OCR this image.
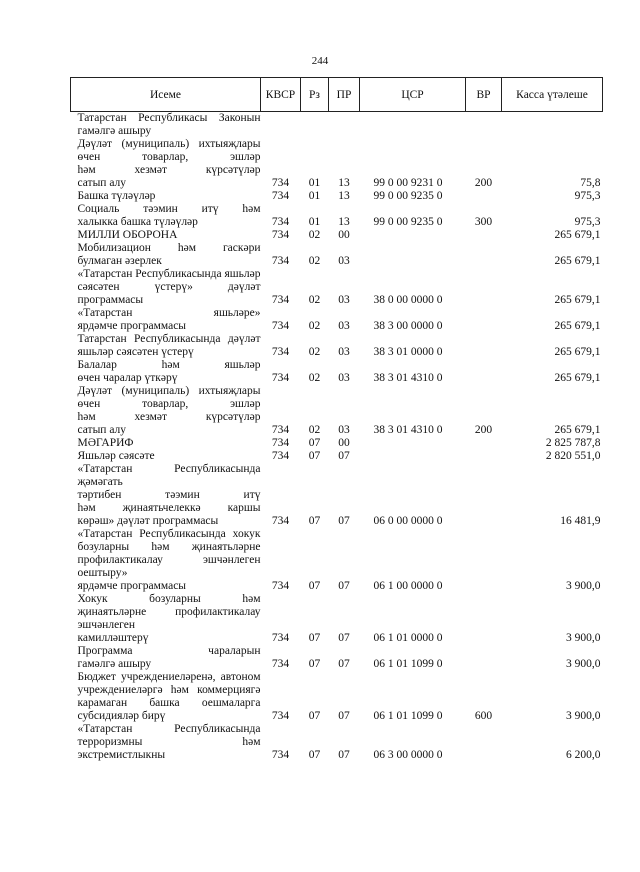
244
Исеме	КВСР	Рз	ПР	ЦСР	ВР	Касса үтәлеше

Татарстан Республикасы Законын
гамәлгә ашыру						

Дәүләт (муниципаль) ихтыяҗлары
өчен товарлар, эшләр
һәм хезмәт күрсәтүләр
сатып алу	734	01	13	99 0 00 9231 0	200	75,8

Башка түләүләр	734	01	13	99 0 00 9235 0		975,3

Социаль тәэмин итү һәм
халыкка башка түләүләр	734	01	13	99 0 00 9235 0	300	975,3

МИЛЛИ ОБОРОНА	734	02	00			265 679,1

Мобилизацион һәм гаскәри
булмаган әзерлек	734	02	03			265 679,1

«Татарстан Республикасында яшьләр
сәясәтен үстерү» дәүләт
программасы	734	02	03	38 0 00 0000 0		265 679,1

«Татарстан яшьләре»
ярдәмче программасы	734	02	03	38 3 00 0000 0		265 679,1

Татарстан Республикасында дәүләт
яшьләр сәясәтен үстерү	734	02	03	38 3 01 0000 0		265 679,1

Балалар һәм яшьләр
өчен чаралар үткәрү	734	02	03	38 3 01 4310 0		265 679,1

Дәүләт (муниципаль) ихтыяҗлары
өчен товарлар, эшләр
һәм хезмәт күрсәтүләр
сатып алу	734	02	03	38 3 01 4310 0	200	265 679,1

МӘГАРИФ	734	07	00			2 825 787,8

Яшьләр сәясәте	734	07	07			2 820 551,0

«Татарстан Республикасында җәмәгать
тәртибен тәэмин итү
һәм җинаятьчелеккә каршы
көрәш» дәүләт программасы	734	07	07	06 0 00 0000 0		16 481,9

«Татарстан Республикасында хокук
бозуларны һәм җинаятьләрне
профилактикалау эшчәнлеген оештыру»
ярдәмче программасы	734	07	07	06 1 00 0000 0		3 900,0

Хокук бозуларны һәм
җинаятьләрне профилактикалау эшчәнлеген
камилләштерү	734	07	07	06 1 01 0000 0		3 900,0

Программа чараларын
гамәлгә ашыру	734	07	07	06 1 01 1099 0		3 900,0

Бюджет учреждениеләренә, автоном
учреждениеләргә һәм коммерциягә
карамаган башка оешмаларга
субсидияләр бирү	734	07	07	06 1 01 1099 0	600	3 900,0

«Татарстан Республикасында
терроризмны һәм
экстремистлыкны	734	07	07	06 3 00 0000 0		6 200,0
